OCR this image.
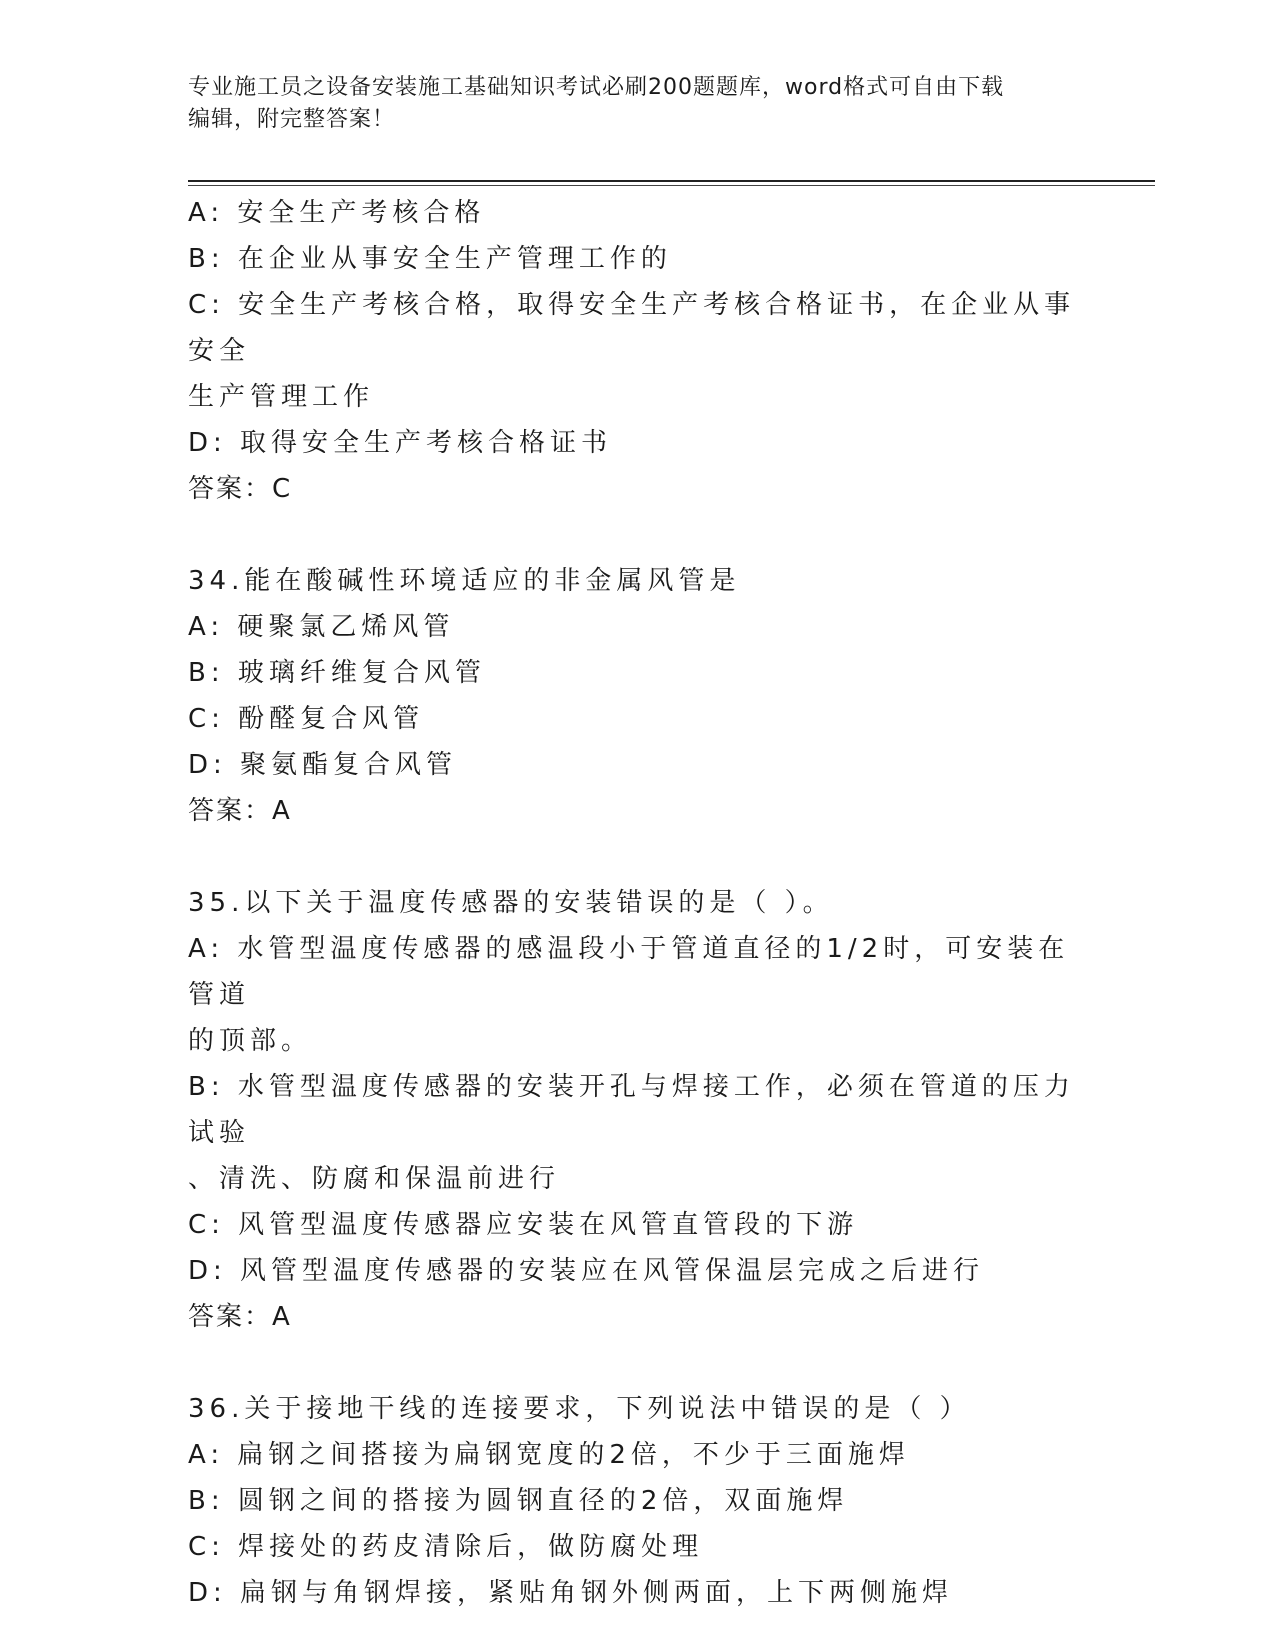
专业施工员之设备安装施工基础知识考试必刷200题题库，word格式可自由下载
编辑，附完整答案！

A: 安全生产考核合格

B: 在企业从事安全生产管理工作的

C: 安全生产考核合格，取得安全生产考核合格证书，在企业从事安全

生产管理工作

D: 取得安全生产考核合格证书

答案：C

34.能在酸碱性环境适应的非金属风管是

A: 硬聚氯乙烯风管

B: 玻璃纤维复合风管

C: 酚醛复合风管

D: 聚氨酯复合风管

答案：A

35.以下关于温度传感器的安装错误的是（ ）。

A: 水管型温度传感器的感温段小于管道直径的1/2时，可安装在管道

的顶部。

B: 水管型温度传感器的安装开孔与焊接工作，必须在管道的压力试验

、清洗、防腐和保温前进行

C: 风管型温度传感器应安装在风管直管段的下游

D: 风管型温度传感器的安装应在风管保温层完成之后进行

答案：A

36.关于接地干线的连接要求，下列说法中错误的是（ ）

A: 扁钢之间搭接为扁钢宽度的2倍，不少于三面施焊

B: 圆钢之间的搭接为圆钢直径的2倍，双面施焊

C: 焊接处的药皮清除后，做防腐处理

D: 扁钢与角钢焊接，紧贴角钢外侧两面，上下两侧施焊
